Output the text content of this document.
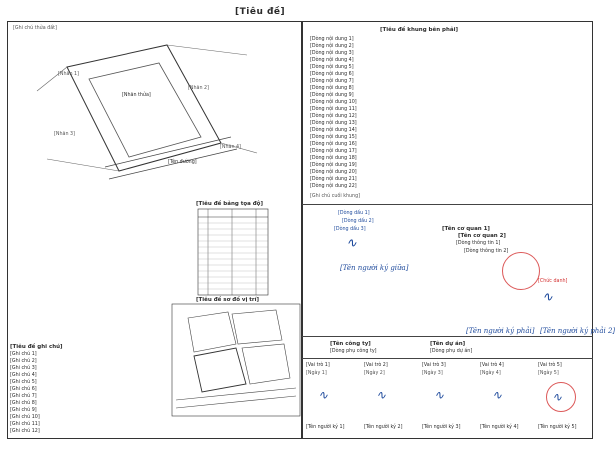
[Tiêu đề]
[Ghi chú thửa đất]
[Nhãn thửa]
[Tên đường]
[Nhãn 1]
[Nhãn 2]
[Nhãn 3]
[Nhãn 4]
[Tiêu đề bảng tọa độ]
[Tiêu đề sơ đồ vị trí]
[Tiêu đề ghi chú]
[Ghi chú 1]
[Ghi chú 2]
[Ghi chú 3]
[Ghi chú 4]
[Ghi chú 5]
[Ghi chú 6]
[Ghi chú 7]
[Ghi chú 8]
[Ghi chú 9]
[Ghi chú 10]
[Ghi chú 11]
[Ghi chú 12]
[Tiêu đề khung bên phải]
[Dòng nội dung 1]
[Dòng nội dung 2]
[Dòng nội dung 3]
[Dòng nội dung 4]
[Dòng nội dung 5]
[Dòng nội dung 6]
[Dòng nội dung 7]
[Dòng nội dung 8]
[Dòng nội dung 9]
[Dòng nội dung 10]
[Dòng nội dung 11]
[Dòng nội dung 12]
[Dòng nội dung 13]
[Dòng nội dung 14]
[Dòng nội dung 15]
[Dòng nội dung 16]
[Dòng nội dung 17]
[Dòng nội dung 18]
[Dòng nội dung 19]
[Dòng nội dung 20]
[Dòng nội dung 21]
[Dòng nội dung 22]
[Ghi chú cuối khung]
[Dòng dấu 1]
[Dòng dấu 2]
[Dòng dấu 3]
∿
[Tên người ký giữa]
[Tên cơ quan 1]
[Tên cơ quan 2]
[Dòng thông tin 1]
[Dòng thông tin 2]
[Chức danh]
∿
[Tên người ký phải] [Tên người ký phải 2]
[Tên công ty]
[Dòng phụ công ty]
[Tên dự án]
[Dòng phụ dự án]
[Vai trò 1]
[Ngày 1]
∿
[Tên người ký 1]
[Vai trò 2]
[Ngày 2]
∿
[Tên người ký 2]
[Vai trò 3]
[Ngày 3]
∿
[Tên người ký 3]
[Vai trò 4]
[Ngày 4]
∿
[Tên người ký 4]
[Vai trò 5]
[Ngày 5]
∿
[Tên người ký 5]
